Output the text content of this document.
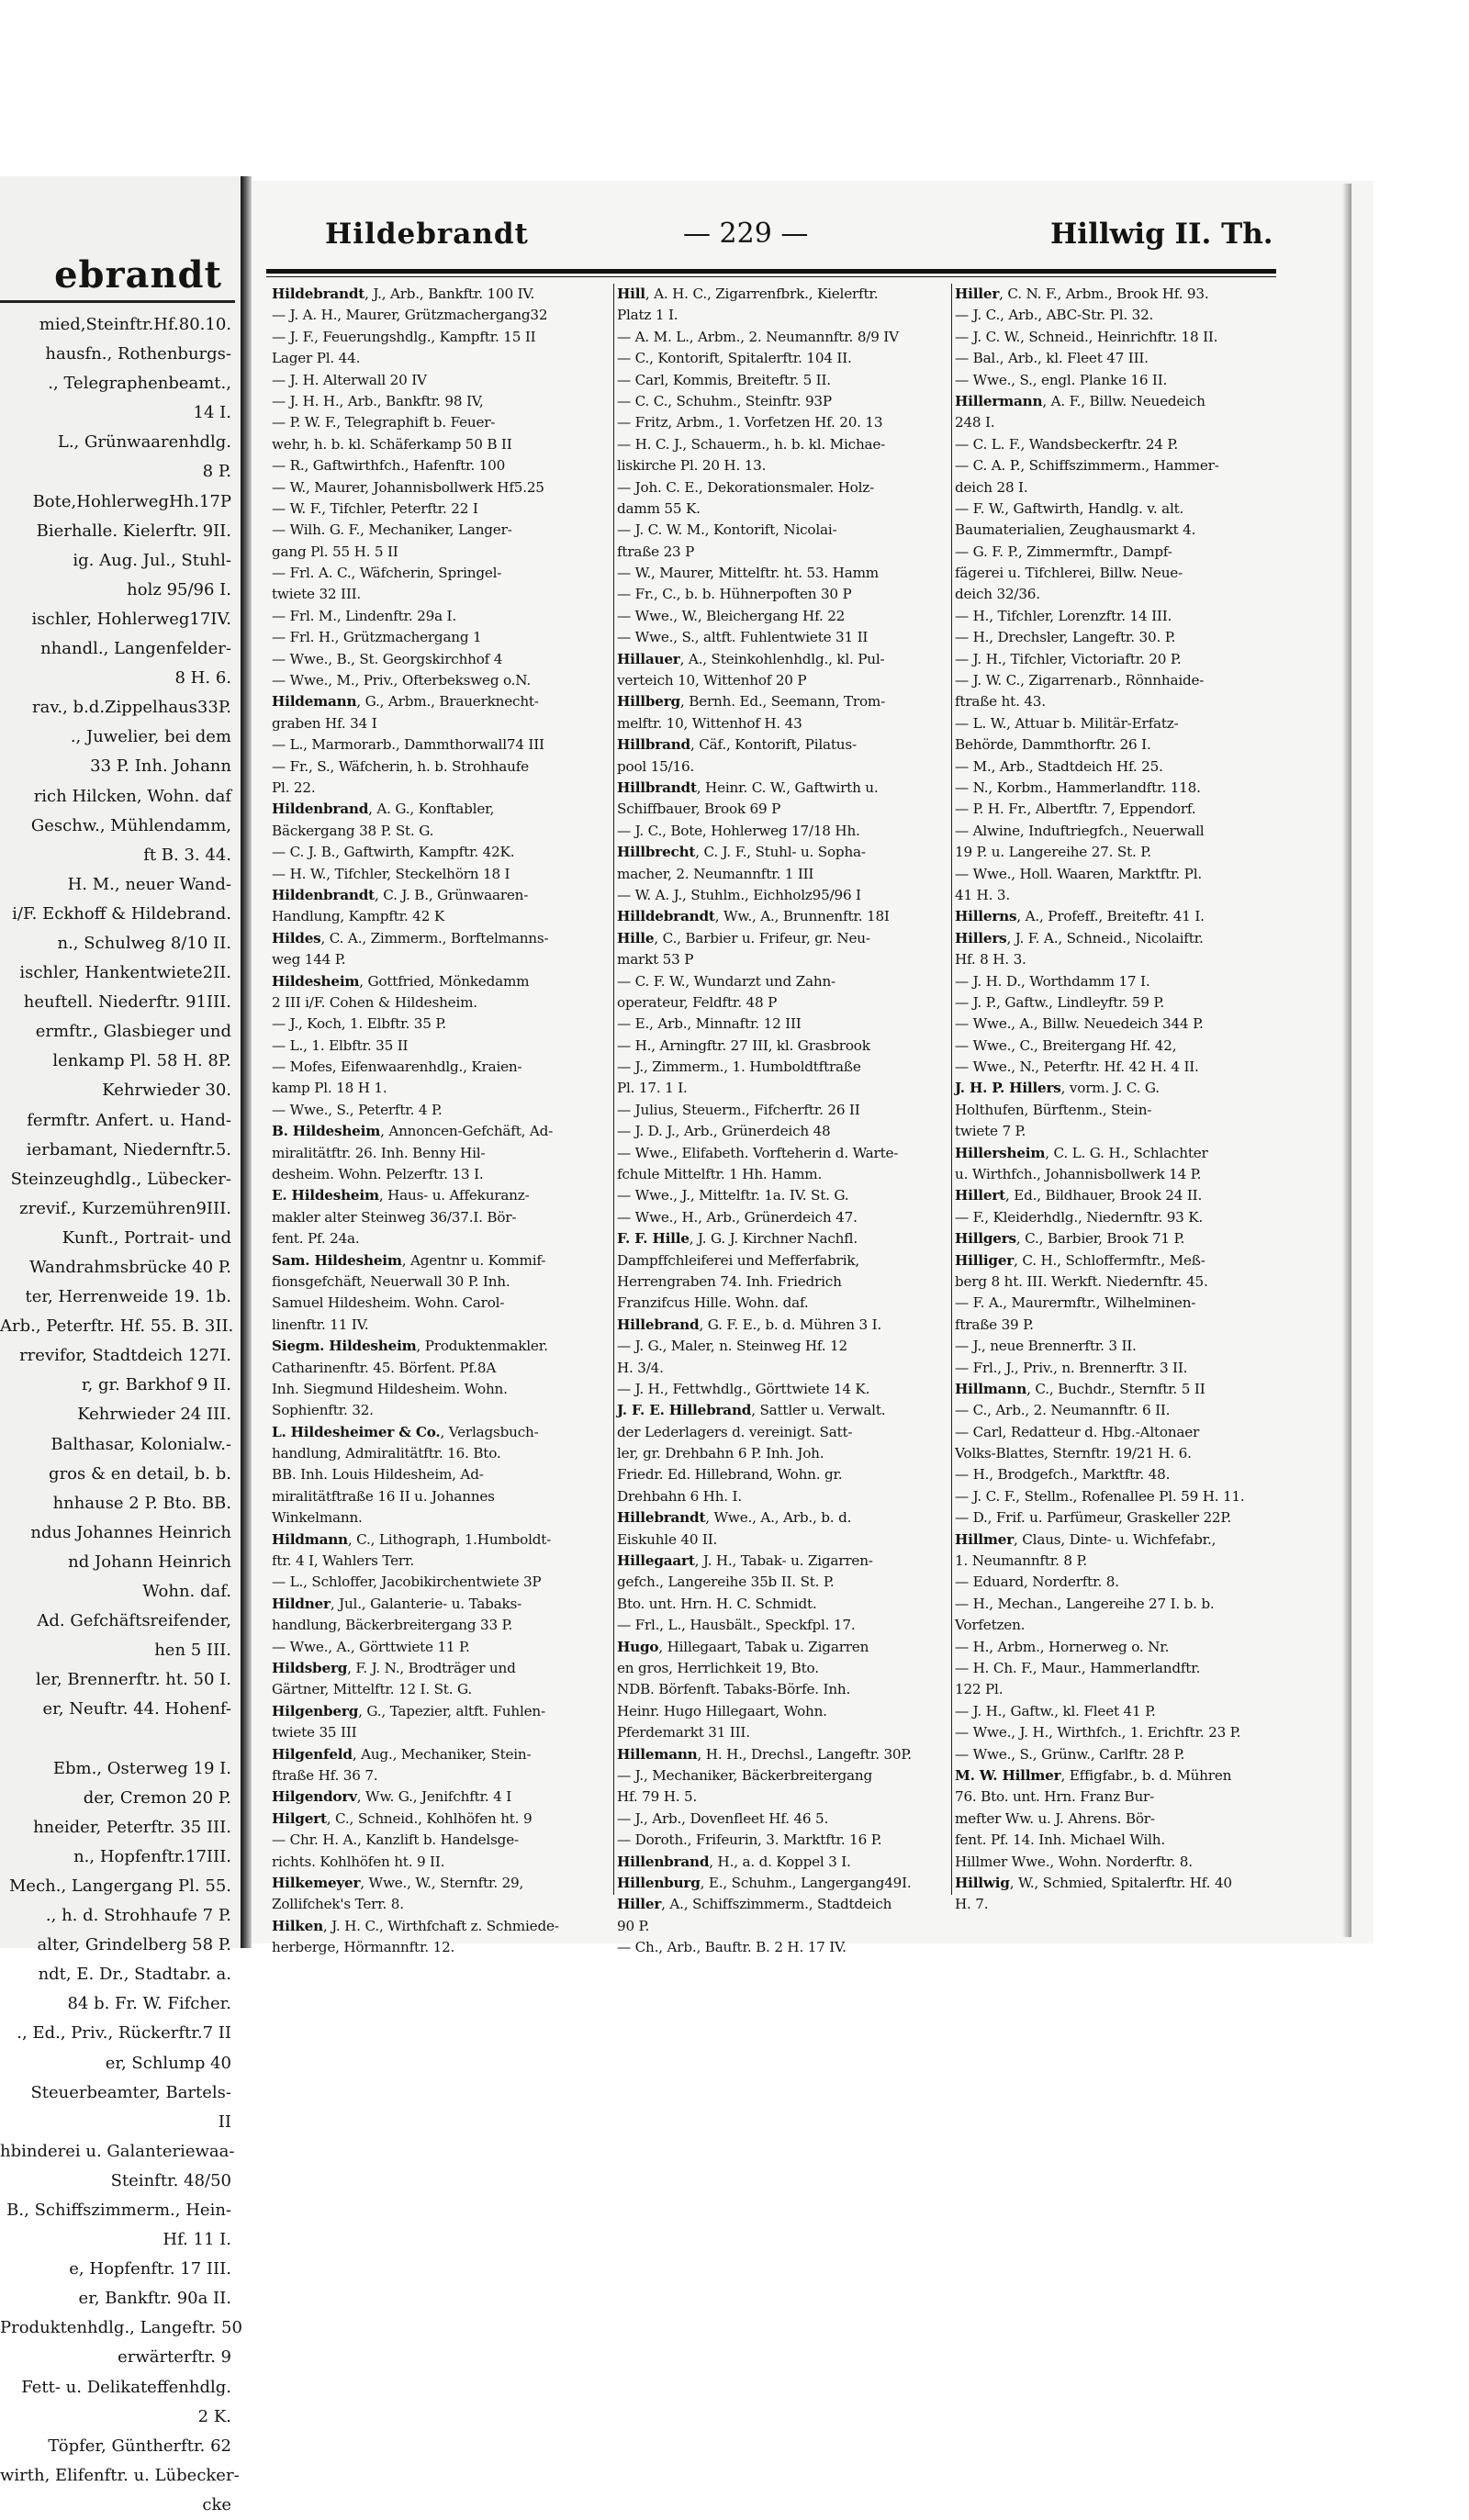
ebrandt
mied,Steinftr.Hf.80.10.
hausfn., Rothenburgs-
., Telegraphenbeamt.,
14 I.
L., Grünwaarenhdlg.
8 P.
Bote,HohlerwegHh.17P
Bierhalle. Kielerftr. 9II.
ig. Aug. Jul., Stuhl-
holz 95/96 I.
ischler, Hohlerweg17IV.
nhandl., Langenfelder-
8 H. 6.
rav., b.d.Zippelhaus33P.
., Juwelier, bei dem
33 P. Inh. Johann
rich Hilcken, Wohn. daf
Geschw., Mühlendamm,
ft B. 3. 44.
H. M., neuer Wand-
i/F. Eckhoff & Hildebrand.
n., Schulweg 8/10 II.
ischler, Hankentwiete2II.
heuftell. Niederftr. 91III.
ermftr., Glasbieger und
lenkamp Pl. 58 H. 8P.
Kehrwieder 30.
fermftr. Anfert. u. Hand-
ierbamant, Niedernftr.5.
Steinzeughdlg., Lübecker-
zrevif., Kurzemühren9III.
Kunft., Portrait- und
Wandrahmsbrücke 40 P.
ter, Herrenweide 19. 1b.
Arb., Peterftr. Hf. 55. B. 3II.
rrevifor, Stadtdeich 127I.
r, gr. Barkhof 9 II.
Kehrwieder 24 III.
Balthasar, Kolonialw.-
gros & en detail, b. b.
hnhause 2 P. Bto. BB.
ndus Johannes Heinrich
nd Johann Heinrich
Wohn. daf.
Ad. Gefchäftsreifender,
hen 5 III.
ler, Brennerftr. ht. 50 I.
er, Neuftr. 44. Hohenf-
Ebm., Osterweg 19 I.
der, Cremon 20 P.
hneider, Peterftr. 35 III.
n., Hopfenftr.17III.
Mech., Langergang Pl. 55.
., h. d. Strohhaufe 7 P.
alter, Grindelberg 58 P.
ndt, E. Dr., Stadtabr. a.
84 b. Fr. W. Fifcher.
., Ed., Priv., Rückerftr.7 II
er, Schlump 40
Steuerbeamter, Bartels-
II
hbinderei u. Galanteriewaa-
Steinftr. 48/50
B., Schiffszimmerm., Hein-
Hf. 11 I.
e, Hopfenftr. 17 III.
er, Bankftr. 90a II.
Produktenhdlg., Langeftr. 50
erwärterftr. 9
Fett- u. Delikateffenhdlg.
2 K.
Töpfer, Güntherftr. 62
wirth, Elifenftr. u. Lübecker-
cke
Hildebrandt	— 229 —	Hillwig II. Th.
Hildebrandt, J., Arb., Bankftr. 100 IV.
— J. A. H., Maurer, Grützmachergang32
— J. F., Feuerungshdlg., Kampftr. 15 II
Lager Pl. 44.
— J. H. Alterwall 20 IV
— J. H. H., Arb., Bankftr. 98 IV,
— P. W. F., Telegraphift b. Feuer-
wehr, h. b. kl. Schäferkamp 50 B II
— R., Gaftwirthfch., Hafenftr. 100
— W., Maurer, Johannisbollwerk Hf5.25
— W. F., Tifchler, Peterftr. 22 I
— Wilh. G. F., Mechaniker, Langer-
gang Pl. 55 H. 5 II
— Frl. A. C., Wäfcherin, Springel-
twiete 32 III.
— Frl. M., Lindenftr. 29a I.
— Frl. H., Grützmachergang 1
— Wwe., B., St. Georgskirchhof 4
— Wwe., M., Priv., Ofterbeksweg o.N.
Hildemann, G., Arbm., Brauerknecht-
graben Hf. 34 I
— L., Marmorarb., Dammthorwall74 III
— Fr., S., Wäfcherin, h. b. Strohhaufe
Pl. 22.
Hildenbrand, A. G., Konftabler,
Bäckergang 38 P. St. G.
— C. J. B., Gaftwirth, Kampftr. 42K.
— H. W., Tifchler, Steckelhörn 18 I
Hildenbrandt, C. J. B., Grünwaaren-
Handlung, Kampftr. 42 K
Hildes, C. A., Zimmerm., Borftelmanns-
weg 144 P.
Hildesheim, Gottfried, Mönkedamm
2 III i/F. Cohen & Hildesheim.
— J., Koch, 1. Elbftr. 35 P.
— L., 1. Elbftr. 35 II
— Mofes, Eifenwaarenhdlg., Kraien-
kamp Pl. 18 H 1.
— Wwe., S., Peterftr. 4 P.
B. Hildesheim, Annoncen-Gefchäft, Ad-
miralitätftr. 26. Inh. Benny Hil-
desheim. Wohn. Pelzerftr. 13 I.
E. Hildesheim, Haus- u. Affekuranz-
makler alter Steinweg 36/37.I. Bör-
fent. Pf. 24a.
Sam. Hildesheim, Agentnr u. Kommif-
fionsgefchäft, Neuerwall 30 P. Inh.
Samuel Hildesheim. Wohn. Carol-
linenftr. 11 IV.
Siegm. Hildesheim, Produktenmakler.
Catharinenftr. 45. Börfent. Pf.8A
Inh. Siegmund Hildesheim. Wohn.
Sophienftr. 32.
L. Hildesheimer & Co., Verlagsbuch-
handlung, Admiralitätftr. 16. Bto.
BB. Inh. Louis Hildesheim, Ad-
miralitätftraße 16 II u. Johannes
Winkelmann.
Hildmann, C., Lithograph, 1.Humboldt-
ftr. 4 I, Wahlers Terr.
— L., Schloffer, Jacobikirchentwiete 3P
Hildner, Jul., Galanterie- u. Tabaks-
handlung, Bäckerbreitergang 33 P.
— Wwe., A., Görttwiete 11 P.
Hildsberg, F. J. N., Brodträger und
Gärtner, Mittelftr. 12 I. St. G.
Hilgenberg, G., Tapezier, altft. Fuhlen-
twiete 35 III
Hilgenfeld, Aug., Mechaniker, Stein-
ftraße Hf. 36 7.
Hilgendorv, Ww. G., Jenifchftr. 4 I
Hilgert, C., Schneid., Kohlhöfen ht. 9
— Chr. H. A., Kanzlift b. Handelsge-
richts. Kohlhöfen ht. 9 II.
Hilkemeyer, Wwe., W., Sternftr. 29,
Zollifchek's Terr. 8.
Hilken, J. H. C., Wirthfchaft z. Schmiede-
herberge, Hörmannftr. 12.
Hill, A. H. C., Zigarrenfbrk., Kielerftr.
Platz 1 I.
— A. M. L., Arbm., 2. Neumannftr. 8/9 IV
— C., Kontorift, Spitalerftr. 104 II.
— Carl, Kommis, Breiteftr. 5 II.
— C. C., Schuhm., Steinftr. 93P
— Fritz, Arbm., 1. Vorfetzen Hf. 20. 13
— H. C. J., Schauerm., h. b. kl. Michae-
liskirche Pl. 20 H. 13.
— Joh. C. E., Dekorationsmaler. Holz-
damm 55 K.
— J. C. W. M., Kontorift, Nicolai-
ftraße 23 P
— W., Maurer, Mittelftr. ht. 53. Hamm
— Fr., C., b. b. Hühnerpoften 30 P
— Wwe., W., Bleichergang Hf. 22
— Wwe., S., altft. Fuhlentwiete 31 II
Hillauer, A., Steinkohlenhdlg., kl. Pul-
verteich 10, Wittenhof 20 P
Hillberg, Bernh. Ed., Seemann, Trom-
melftr. 10, Wittenhof H. 43
Hillbrand, Cäf., Kontorift, Pilatus-
pool 15/16.
Hillbrandt, Heinr. C. W., Gaftwirth u.
Schiffbauer, Brook 69 P
— J. C., Bote, Hohlerweg 17/18 Hh.
Hillbrecht, C. J. F., Stuhl- u. Sopha-
macher, 2. Neumannftr. 1 III
— W. A. J., Stuhlm., Eichholz95/96 I
Hilldebrandt, Ww., A., Brunnenftr. 18I
Hille, C., Barbier u. Frifeur, gr. Neu-
markt 53 P
— C. F. W., Wundarzt und Zahn-
operateur, Feldftr. 48 P
— E., Arb., Minnaftr. 12 III
— H., Arningftr. 27 III, kl. Grasbrook
— J., Zimmerm., 1. Humboldtftraße
Pl. 17. 1 I.
— Julius, Steuerm., Fifcherftr. 26 II
— J. D. J., Arb., Grünerdeich 48
— Wwe., Elifabeth. Vorfteherin d. Warte-
fchule Mittelftr. 1 Hh. Hamm.
— Wwe., J., Mittelftr. 1a. IV. St. G.
— Wwe., H., Arb., Grünerdeich 47.
F. F. Hille, J. G. J. Kirchner Nachfl.
Dampffchleiferei und Mefferfabrik,
Herrengraben 74. Inh. Friedrich
Franzifcus Hille. Wohn. daf.
Hillebrand, G. F. E., b. d. Mühren 3 I.
— J. G., Maler, n. Steinweg Hf. 12
H. 3/4.
— J. H., Fettwhdlg., Görttwiete 14 K.
J. F. E. Hillebrand, Sattler u. Verwalt.
der Lederlagers d. vereinigt. Satt-
ler, gr. Drehbahn 6 P. Inh. Joh.
Friedr. Ed. Hillebrand, Wohn. gr.
Drehbahn 6 Hh. I.
Hillebrandt, Wwe., A., Arb., b. d.
Eiskuhle 40 II.
Hillegaart, J. H., Tabak- u. Zigarren-
gefch., Langereihe 35b II. St. P.
Bto. unt. Hrn. H. C. Schmidt.
— Frl., L., Hausbält., Speckfpl. 17.
Hugo, Hillegaart, Tabak u. Zigarren
en gros, Herrlichkeit 19, Bto.
NDB. Börfenft. Tabaks-Börfe. Inh.
Heinr. Hugo Hillegaart, Wohn.
Pferdemarkt 31 III.
Hillemann, H. H., Drechsl., Langeftr. 30P.
— J., Mechaniker, Bäckerbreitergang
Hf. 79 H. 5.
— J., Arb., Dovenfleet Hf. 46 5.
— Doroth., Frifeurin, 3. Marktftr. 16 P.
Hillenbrand, H., a. d. Koppel 3 I.
Hillenburg, E., Schuhm., Langergang49I.
Hiller, A., Schiffszimmerm., Stadtdeich
90 P.
— Ch., Arb., Bauftr. B. 2 H. 17 IV.
Hiller, C. N. F., Arbm., Brook Hf. 93.
— J. C., Arb., ABC-Str. Pl. 32.
— J. C. W., Schneid., Heinrichftr. 18 II.
— Bal., Arb., kl. Fleet 47 III.
— Wwe., S., engl. Planke 16 II.
Hillermann, A. F., Billw. Neuedeich
248 I.
— C. L. F., Wandsbeckerftr. 24 P.
— C. A. P., Schiffszimmerm., Hammer-
deich 28 I.
— F. W., Gaftwirth, Handlg. v. alt.
Baumaterialien, Zeughausmarkt 4.
— G. F. P., Zimmermftr., Dampf-
fägerei u. Tifchlerei, Billw. Neue-
deich 32/36.
— H., Tifchler, Lorenzftr. 14 III.
— H., Drechsler, Langeftr. 30. P.
— J. H., Tifchler, Victoriaftr. 20 P.
— J. W. C., Zigarrenarb., Rönnhaide-
ftraße ht. 43.
— L. W., Attuar b. Militär-Erfatz-
Behörde, Dammthorftr. 26 I.
— M., Arb., Stadtdeich Hf. 25.
— N., Korbm., Hammerlandftr. 118.
— P. H. Fr., Albertftr. 7, Eppendorf.
— Alwine, Induftriegfch., Neuerwall
19 P. u. Langereihe 27. St. P.
— Wwe., Holl. Waaren, Marktftr. Pl.
41 H. 3.
Hillerns, A., Profeff., Breiteftr. 41 I.
Hillers, J. F. A., Schneid., Nicolaiftr.
Hf. 8 H. 3.
— J. H. D., Worthdamm 17 I.
— J. P., Gaftw., Lindleyftr. 59 P.
— Wwe., A., Billw. Neuedeich 344 P.
— Wwe., C., Breitergang Hf. 42,
— Wwe., N., Peterftr. Hf. 42 H. 4 II.
J. H. P. Hillers, vorm. J. C. G.
Holthufen, Bürftenm., Stein-
twiete 7 P.
Hillersheim, C. L. G. H., Schlachter
u. Wirthfch., Johannisbollwerk 14 P.
Hillert, Ed., Bildhauer, Brook 24 II.
— F., Kleiderhdlg., Niedernftr. 93 K.
Hillgers, C., Barbier, Brook 71 P.
Hilliger, C. H., Schloffermftr., Meß-
berg 8 ht. III. Werkft. Niedernftr. 45.
— F. A., Maurermftr., Wilhelminen-
ftraße 39 P.
— J., neue Brennerftr. 3 II.
— Frl., J., Priv., n. Brennerftr. 3 II.
Hillmann, C., Buchdr., Sternftr. 5 II
— C., Arb., 2. Neumannftr. 6 II.
— Carl, Redatteur d. Hbg.-Altonaer
Volks-Blattes, Sternftr. 19/21 H. 6.
— H., Brodgefch., Marktftr. 48.
— J. C. F., Stellm., Rofenallee Pl. 59 H. 11.
— D., Frif. u. Parfümeur, Graskeller 22P.
Hillmer, Claus, Dinte- u. Wichfefabr.,
1. Neumannftr. 8 P.
— Eduard, Norderftr. 8.
— H., Mechan., Langereihe 27 I. b. b.
Vorfetzen.
— H., Arbm., Hornerweg o. Nr.
— H. Ch. F., Maur., Hammerlandftr.
122 Pl.
— J. H., Gaftw., kl. Fleet 41 P.
— Wwe., J. H., Wirthfch., 1. Erichftr. 23 P.
— Wwe., S., Grünw., Carlftr. 28 P.
M. W. Hillmer, Effigfabr., b. d. Mühren
76. Bto. unt. Hrn. Franz Bur-
mefter Ww. u. J. Ahrens. Bör-
fent. Pf. 14. Inh. Michael Wilh.
Hillmer Wwe., Wohn. Norderftr. 8.
Hillwig, W., Schmied, Spitalerftr. Hf. 40
H. 7.
